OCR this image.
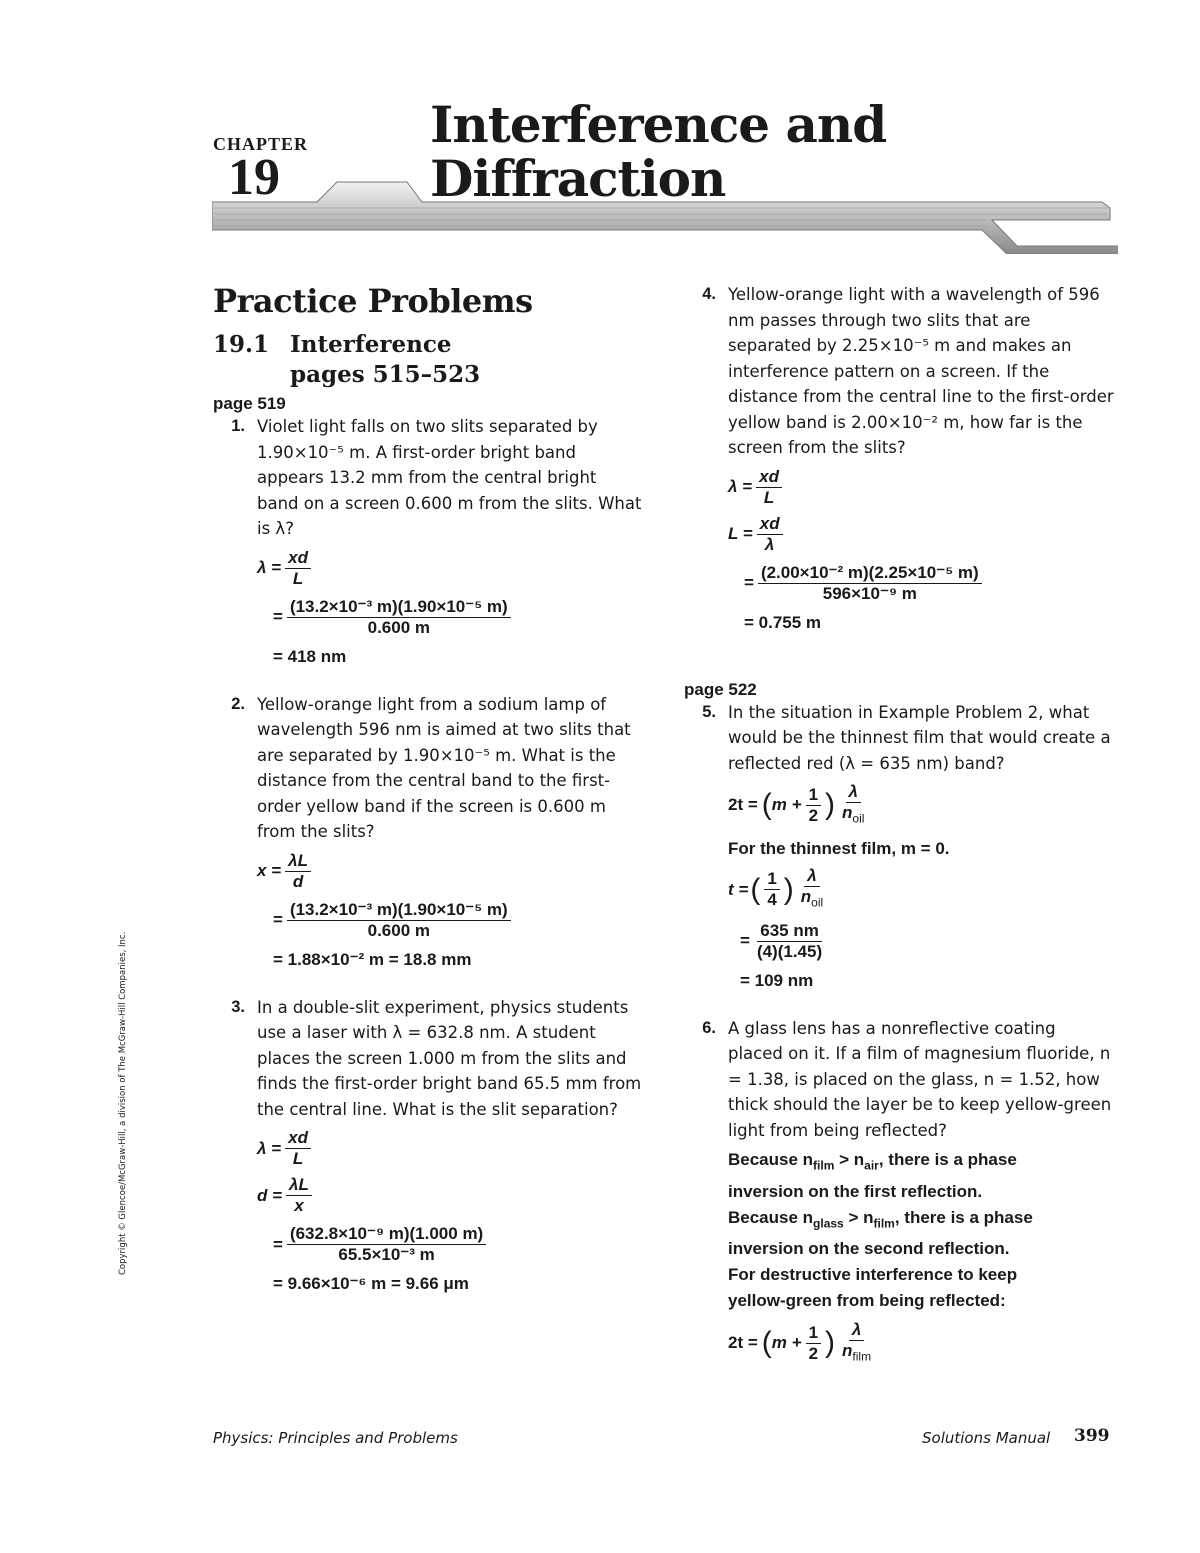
CHAPTER
19
Interference and
Diffraction
Practice Problems
19.1 Interference
pages 515–523
page 519
1. Violet light falls on two slits separated by 1.90×10⁻⁵ m. A first-order bright band appears 13.2 mm from the central bright band on a screen 0.600 m from the slits. What is λ?
$\lambda = \frac{xd}{L}$
= $\frac{\text{(13.2×10⁻³ m)(1.90×10⁻⁵ m)}}{0.600 m}$
= 418 nm
2. Yellow-orange light from a sodium lamp of wavelength 596 nm is aimed at two slits that are separated by 1.90×10⁻⁵ m. What is the distance from the central band to the first-order yellow band if the screen is 0.600 m from the slits?
$x = \frac{\lambda L}{d}$
= $\frac{\text{(13.2×10⁻³ m)(1.90×10⁻⁵ m)}}{0.600 m}$
= 1.88×10⁻² m = 18.8 mm
3. In a double-slit experiment, physics students use a laser with λ = 632.8 nm. A student places the screen 1.000 m from the slits and finds the first-order bright band 65.5 mm from the central line. What is the slit separation?
$\lambda = \frac{xd}{L}$
$d = \frac{\lambda L}{x}$
= $\frac{\text{(632.8×10⁻⁹ m)(1.000 m)}}{\text{65.5×10⁻³ m}}$
= 9.66×10⁻⁶ m = 9.66 μm
4. Yellow-orange light with a wavelength of 596 nm passes through two slits that are separated by 2.25×10⁻⁵ m and makes an interference pattern on a screen. If the distance from the central line to the first-order yellow band is 2.00×10⁻² m, how far is the screen from the slits?
$\lambda = \frac{xd}{L}$
$L = \frac{xd}{\lambda}$
= $\frac{\text{(2.00×10⁻² m)(2.25×10⁻⁵ m)}}{\text{596×10⁻⁹ m}}$
= 0.755 m
page 522
5. In the situation in Example Problem 2, what would be the thinnest film that would create a reflected red (λ = 635 nm) band?
2t = ( $m + \frac{1}{2}$ ) $\frac{\lambda}{n_{oil}}$
For the thinnest film, m = 0.
t = ( $\frac{1}{4}$ ) $\frac{\lambda}{n_{oil}}$
= $\frac{635 nm}{(4)(1.45)}$
= 109 nm
6. A glass lens has a nonreflective coating placed on it. If a film of magnesium fluoride, n = 1.38, is placed on the glass, n = 1.52, how thick should the layer be to keep yellow-green light from being reflected?
Because $n_{film} > n_{air}$, there is a phase
inversion on the first reflection.
Because $n_{glass} > n_{film}$, there is a phase
inversion on the second reflection.
For destructive interference to keep
yellow-green from being reflected:
2t = ( $m + \frac{1}{2}$ ) $\frac{\lambda}{n_{film}}$
Physics: Principles and Problems	Solutions Manual 399
Copyright © Glencoe/McGraw-Hill, a division of The McGraw-Hill Companies, Inc.
